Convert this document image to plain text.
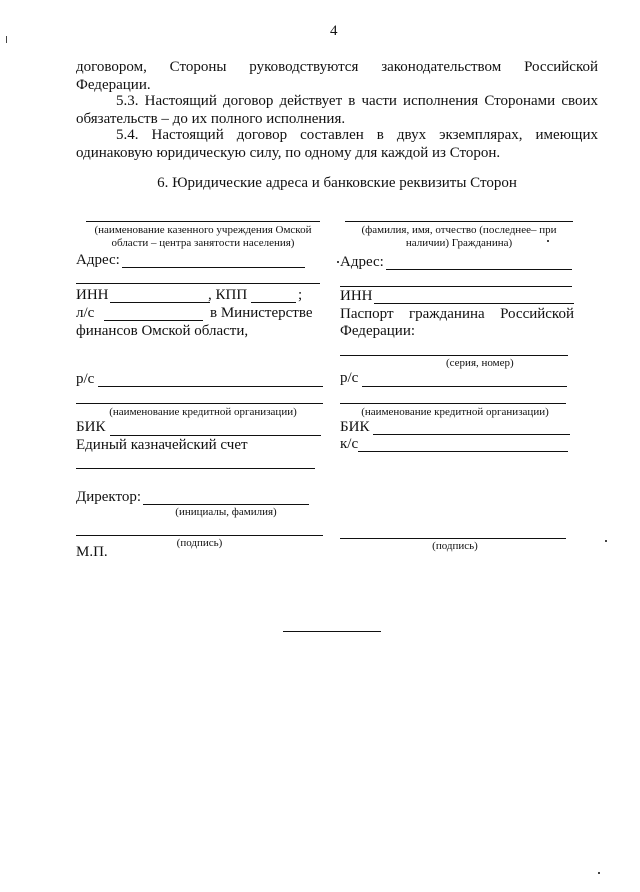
4
договором, Стороны руководствуются законодательством Российской
Федерации.
5.3. Настоящий договор действует в части исполнения Сторонами своих
обязательств – до их полного исполнения.
5.4. Настоящий договор составлен в двух экземплярах, имеющих
одинаковую юридическую силу, по одному для каждой из Сторон.
6. Юридические адреса и банковские реквизиты Сторон
(наименование казенного учреждения Омской
области – центра занятости населения)
Адрес:
ИНН	, КПП	;
л/с	в Министерстве
финансов Омской области,
р/с
(наименование кредитной организации)
БИК
Единый казначейский счет
Директор:
(инициалы, фамилия)
(подпись)
М.П.
(фамилия, имя, отчество (последнее– при
наличии) Гражданина)
Адрес:
ИНН
Паспорт гражданина Российской
Федерации:
(серия, номер)
р/с
(наименование кредитной организации)
БИК
к/с
(подпись)
